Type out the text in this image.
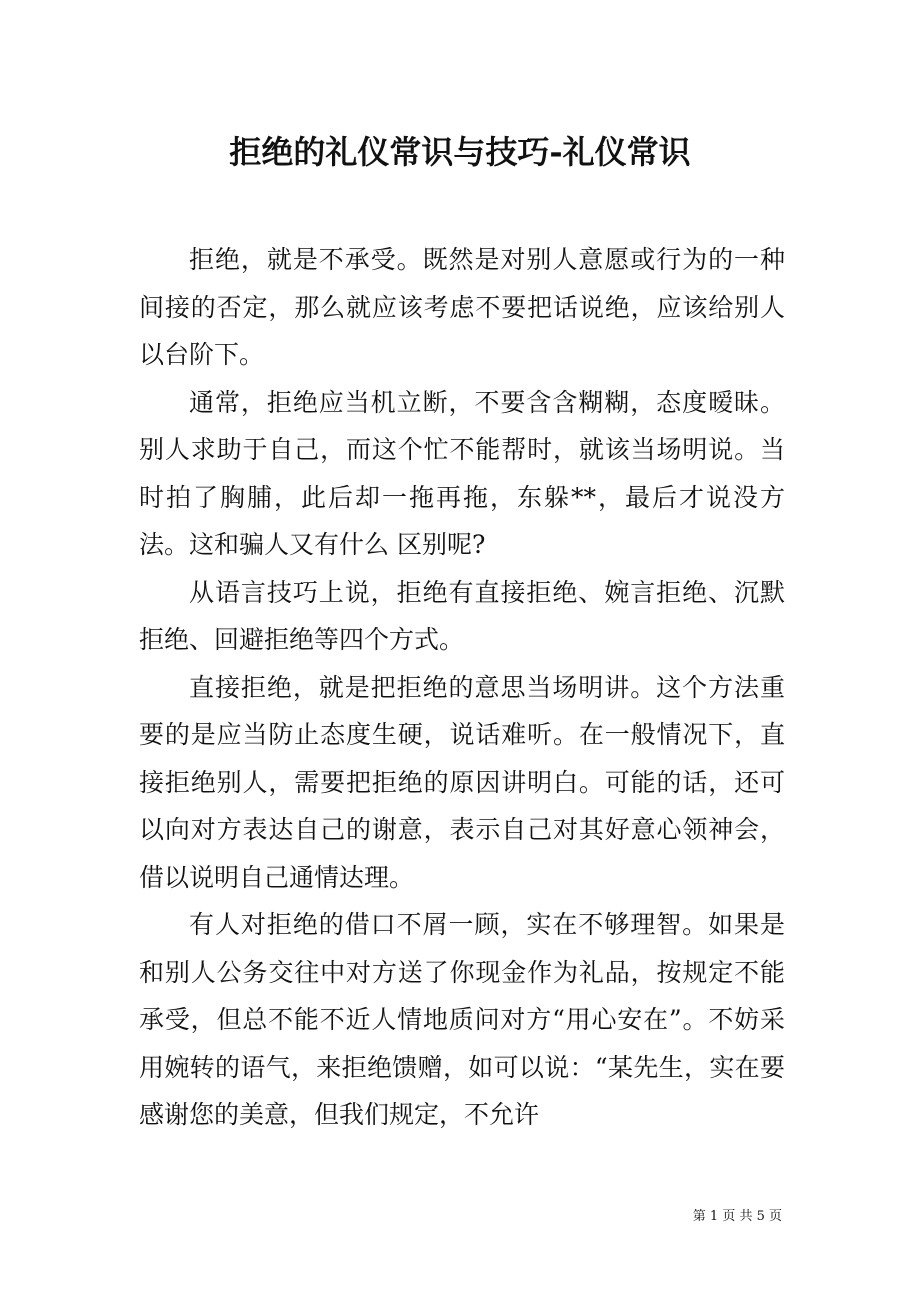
拒绝的礼仪常识与技巧-礼仪常识

拒绝，就是不承受。既然是对别人意愿或行为的一种间接的否定，那么就应该考虑不要把话说绝，应该给别人以台阶下。

通常，拒绝应当机立断，不要含含糊糊，态度暧昧。别人求助于自己，而这个忙不能帮时，就该当场明说。当时拍了胸脯，此后却一拖再拖，东躲**，最后才说没方法。这和骗人又有什么 区别呢?

从语言技巧上说，拒绝有直接拒绝、婉言拒绝、沉默拒绝、回避拒绝等四个方式。

直接拒绝，就是把拒绝的意思当场明讲。这个方法重要的是应当防止态度生硬，说话难听。在一般情况下，直接拒绝别人，需要把拒绝的原因讲明白。可能的话，还可以向对方表达自己的谢意，表示自己对其好意心领神会，借以说明自己通情达理。

有人对拒绝的借口不屑一顾，实在不够理智。如果是和别人公务交往中对方送了你现金作为礼品，按规定不能承受，但总不能不近人情地质问对方“用心安在”。不妨采用婉转的语气，来拒绝馈赠，如可以说：“某先生，实在要感谢您的美意，但我们规定，不允许

第 1 页 共 5 页
